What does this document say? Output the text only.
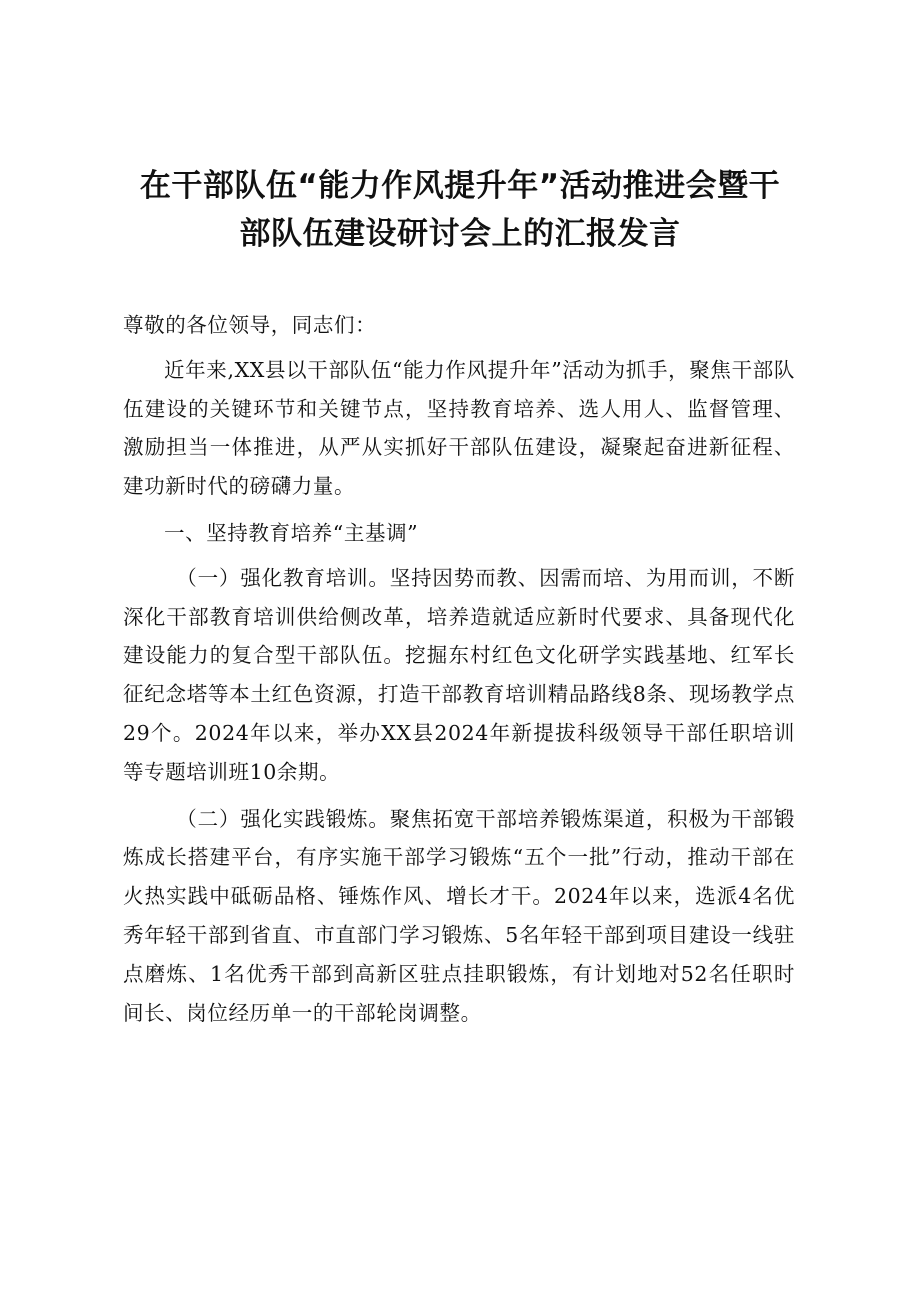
在干部队伍“能力作风提升年”活动推进会暨干
部队伍建设研讨会上的汇报发言

尊敬的各位领导，同志们：

近年来,XX县以干部队伍“能力作风提升年”活动为抓手，聚焦干部队伍建设的关键环节和关键节点，坚持教育培养、选人用人、监督管理、激励担当一体推进，从严从实抓好干部队伍建设，凝聚起奋进新征程、建功新时代的磅礴力量。

一、坚持教育培养“主基调”

（一）强化教育培训。坚持因势而教、因需而培、为用而训，不断深化干部教育培训供给侧改革，培养造就适应新时代要求、具备现代化建设能力的复合型干部队伍。挖掘东村红色文化研学实践基地、红军长征纪念塔等本土红色资源，打造干部教育培训精品路线8条、现场教学点29个。2024年以来，举办XX县2024年新提拔科级领导干部任职培训等专题培训班10余期。

（二）强化实践锻炼。聚焦拓宽干部培养锻炼渠道，积极为干部锻炼成长搭建平台，有序实施干部学习锻炼“五个一批”行动，推动干部在火热实践中砥砺品格、锤炼作风、增长才干。2024年以来，选派4名优秀年轻干部到省直、市直部门学习锻炼、5名年轻干部到项目建设一线驻点磨炼、1名优秀干部到高新区驻点挂职锻炼，有计划地对52名任职时间长、岗位经历单一的干部轮岗调整。
